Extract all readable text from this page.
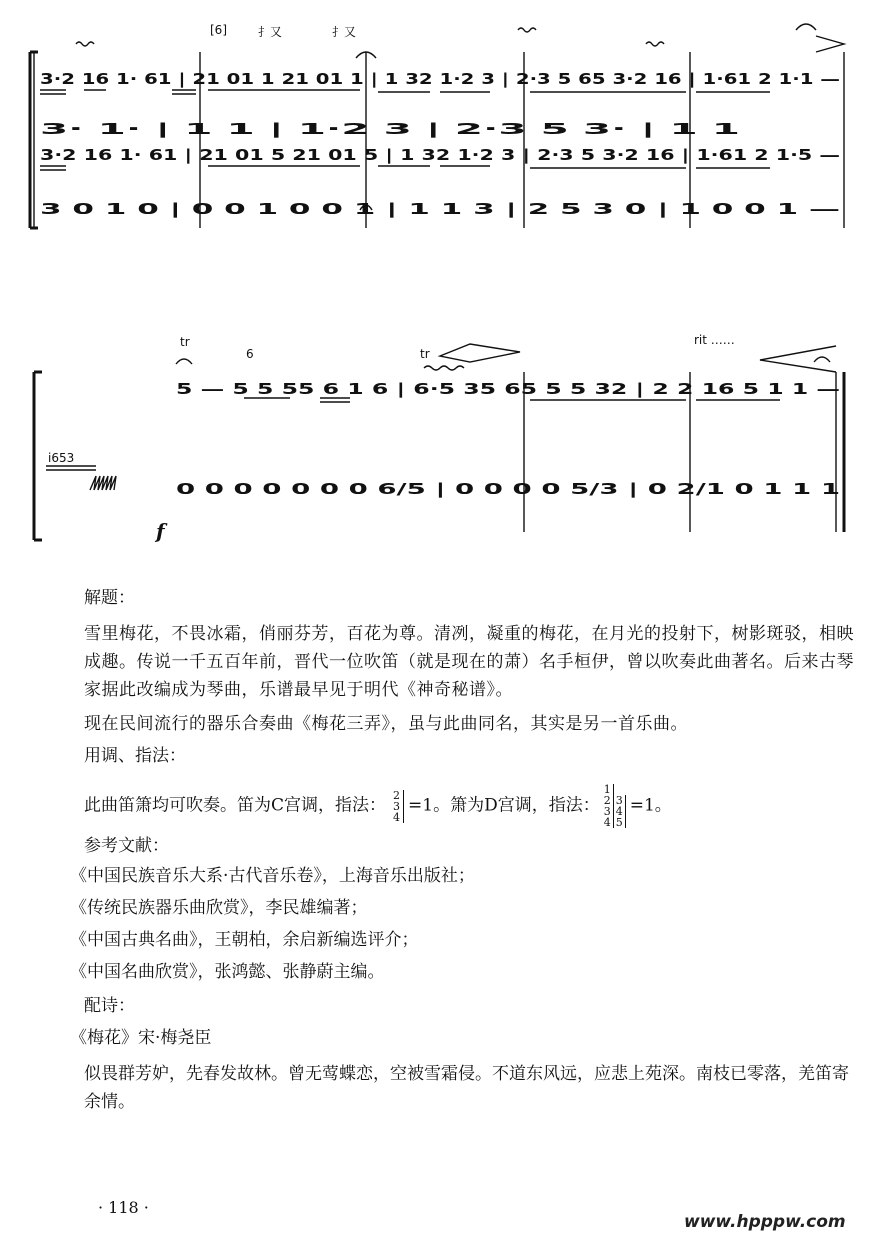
[6]	扌又	扌又
3·2 16 1· 61 | 21 01 1 21 01 1 | 1 32 1·2 3 | 2·3 5 65 3·2 16 | 1·61 2 1·1 —
3· 1· | 1 1 | 1·2 3 | 2·3 5 3· | 1 1
3·2 16 1· 61 | 21 01 5 21 01 5 | 1 32 1·2 3 | 2·3 5 3·2 16 | 1·61 2 1·5 —
3 0 1 0 | 0 0 1 0 0 1 | 1 1 3 | 2 5 3 0 | 1 0 0 1 —
tr
6	tr
rit ……
5 — 5 5 55 6 1 6 | 6·5 35 65 5 5 32 | 2 2 16 5 1 1 —
i653
0 0 0 0 0 0 0 6/5 | 0 0 0 0 5/3 | 0 2/1 0 1 1 1
f

解题：

雪里梅花，不畏冰霜，俏丽芬芳，百花为尊。清冽，凝重的梅花，在月光的投射下，树影斑驳，相映成趣。传说一千五百年前，晋代一位吹笛（就是现在的萧）名手桓伊，曾以吹奏此曲著名。后来古琴家据此改编成为琴曲，乐谱最早见于明代《神奇秘谱》。

现在民间流行的器乐合奏曲《梅花三弄》，虽与此曲同名，其实是另一首乐曲。

用调、指法：

此曲笛箫均可吹奏。笛为C宫调，指法：2
3
4=1。箫为D宫调，指法：1
2
3
43
4
5=1。

参考文献：

《中国民族音乐大系·古代音乐卷》，上海音乐出版社；
《传统民族器乐曲欣赏》，李民雄编著；
《中国古典名曲》，王朝柏，余启新编选评介；
《中国名曲欣赏》，张鸿懿、张静蔚主编。

配诗：

《梅花》宋·梅尧臣

似畏群芳妒，先春发故林。曾无莺蝶恋，空被雪霜侵。不道东风远，应悲上苑深。南枝已零落，羌笛寄余情。

· 118 ·
www.hpppw.com
